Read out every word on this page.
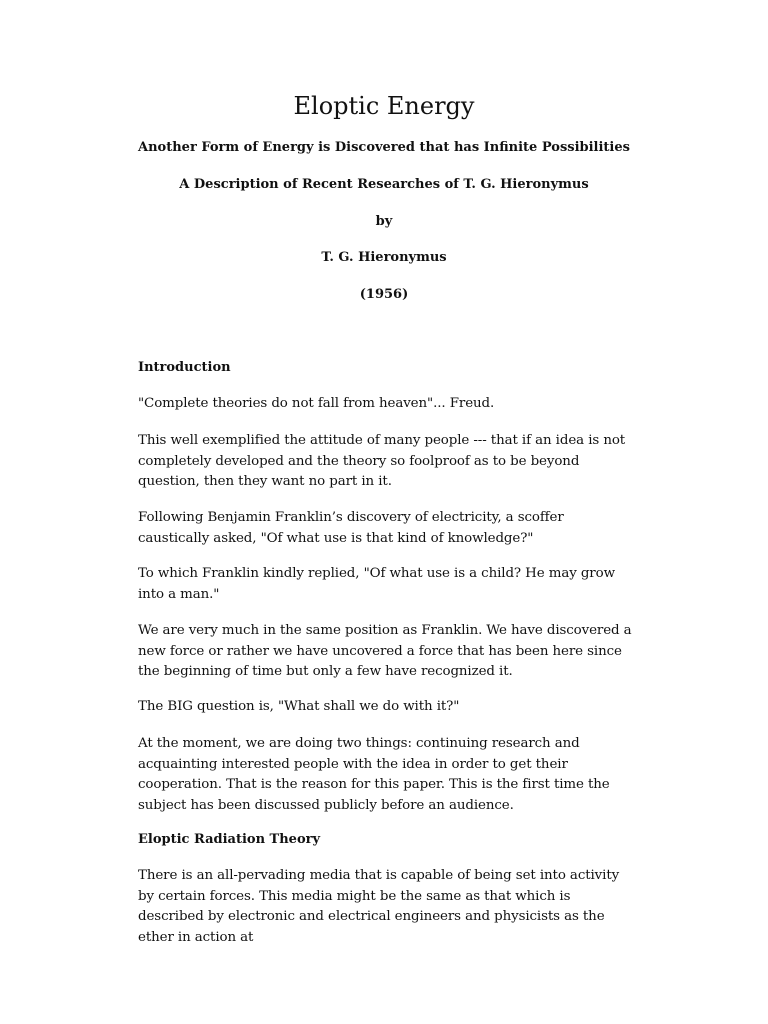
Eloptic Energy

Another Form of Energy is Discovered that has Infinite Possibilities

A Description of Recent Researches of T. G. Hieronymus

by

T. G. Hieronymus

(1956)

Introduction

"Complete theories do not fall from heaven"... Freud.

This well exemplified the attitude of many people --- that if an idea is not completely developed and the theory so foolproof as to be beyond question, then they want no part in it.

Following Benjamin Franklin’s discovery of electricity, a scoffer caustically asked, "Of what use is that kind of knowledge?"

To which Franklin kindly replied, "Of what use is a child? He may grow into a man."

We are very much in the same position as Franklin. We have discovered a new force or rather we have uncovered a force that has been here since the beginning of time but only a few have recognized it.

The BIG question is, "What shall we do with it?"

At the moment, we are doing two things: continuing research and acquainting interested people with the idea in order to get their cooperation. That is the reason for this paper. This is the first time the subject has been discussed publicly before an audience.

Eloptic Radiation Theory

There is an all-pervading media that is capable of being set into activity by certain forces. This media might be the same as that which is described by electronic and electrical engineers and physicists as the ether in action at
